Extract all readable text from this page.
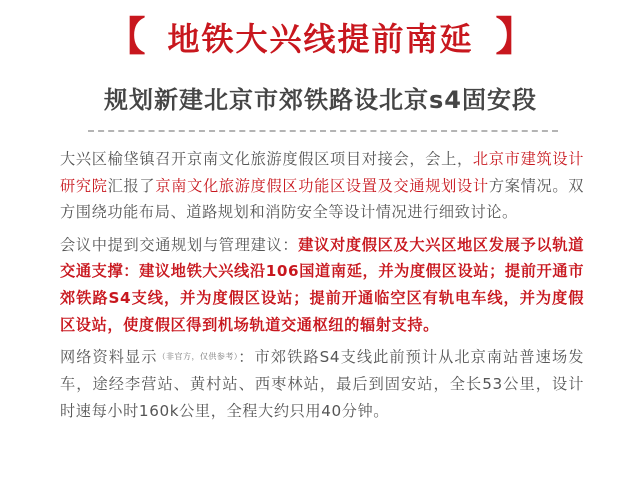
【 地铁大兴线提前南延 】
规划新建北京市郊铁路设北京s4固安段

大兴区榆垡镇召开京南文化旅游度假区项目对接会，会上，北京市建筑设计研究院汇报了京南文化旅游度假区功能区设置及交通规划设计方案情况。双方围绕功能布局、道路规划和消防安全等设计情况进行细致讨论。

会议中提到交通规划与管理建议：建议对度假区及大兴区地区发展予以轨道交通支撑：建议地铁大兴线沿106国道南延，并为度假区设站；提前开通市郊铁路S4支线，并为度假区设站；提前开通临空区有轨电车线，并为度假区设站，使度假区得到机场轨道交通枢纽的辐射支持。

网络资料显示（非官方，仅供参考）：市郊铁路S4支线此前预计从北京南站普速场发车，途经李营站、黄村站、西枣林站，最后到固安站，全长53公里，设计时速每小时160k公里，全程大约只用40分钟。
